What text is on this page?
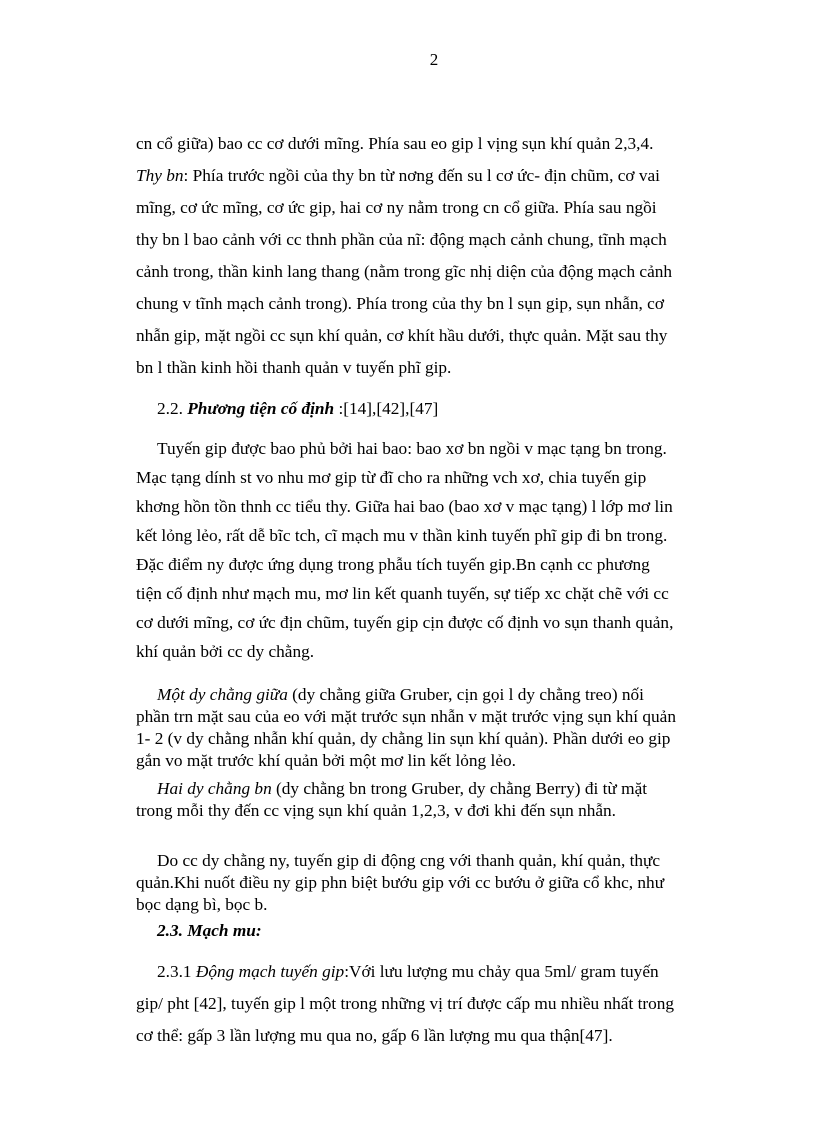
2

cn cổ giữa) bao cc cơ dưới mĩng. Phía sau eo gip l vịng sụn khí quản 2,3,4.

Thy bn: Phía trước ngồi của thy bn từ nơng đến su l cơ ức- địn chũm, cơ vai

mĩng, cơ ức mĩng, cơ ức gip, hai cơ ny nằm trong cn cổ giữa. Phía sau ngồi

thy bn l bao cảnh với cc thnh phần của nĩ: động mạch cảnh chung, tĩnh mạch

cảnh trong, thần kinh lang thang (nằm trong gĩc nhị diện của động mạch cảnh

chung v tĩnh mạch cảnh trong). Phía trong của thy bn l sụn gip, sụn nhẫn, cơ

nhẫn gip, mặt ngồi cc sụn khí quản, cơ khít hầu dưới, thực quản. Mặt sau thy

bn l thần kinh hồi thanh quản v tuyến phĩ gip.

2.2. Phương tiện cố định :[14],[42],[47]

Tuyến gip được bao phủ bởi hai bao: bao xơ bn ngồi v mạc tạng bn trong.

Mạc tạng dính st vo nhu mơ gip từ đĩ cho ra những vch xơ, chia tuyến gip

khơng hồn tồn thnh cc tiểu thy. Giữa hai bao (bao xơ v mạc tạng) l lớp mơ lin

kết lỏng lẻo, rất dễ bĩc tch, cĩ mạch mu v thần kinh tuyến phĩ gip đi bn trong.

Đặc điểm ny được ứng dụng trong phẫu tích tuyến gip.Bn cạnh cc phương

tiện cố định như mạch mu, mơ lin kết quanh tuyến, sự tiếp xc chặt chẽ với cc

cơ dưới mĩng, cơ ức địn chũm, tuyến gip cịn được cố định vo sụn thanh quản,

khí quản bởi cc dy chằng.

Một dy chằng giữa (dy chằng giữa Gruber, cịn gọi l dy chằng treo) nối

phần trn mặt sau của eo với mặt trước sụn nhẫn v mặt trước vịng sụn khí quản

1- 2 (v dy chằng nhẫn khí quản, dy chằng lin sụn khí quản). Phần dưới eo gip

gắn vo mặt trước khí quản bởi một mơ lin kết lỏng lẻo.

Hai dy chằng bn (dy chằng bn trong Gruber, dy chằng Berry) đi từ mặt

trong mỗi thy đến cc vịng sụn khí quản 1,2,3, v đơi khi đến sụn nhẫn.

Do cc dy chằng ny, tuyến gip di động cng với thanh quản, khí quản, thực

quản.Khi nuốt điều ny gip phn biệt bướu gip với cc bướu ở giữa cổ khc, như

bọc dạng bì, bọc b.

2.3. Mạch mu:

2.3.1 Động mạch tuyến gip:Với lưu lượng mu chảy qua 5ml/ gram tuyến

gip/ pht [42], tuyến gip l một trong những vị trí được cấp mu nhiều nhất trong

cơ thể: gấp 3 lần lượng mu qua no, gấp 6 lần lượng mu qua thận[47].
